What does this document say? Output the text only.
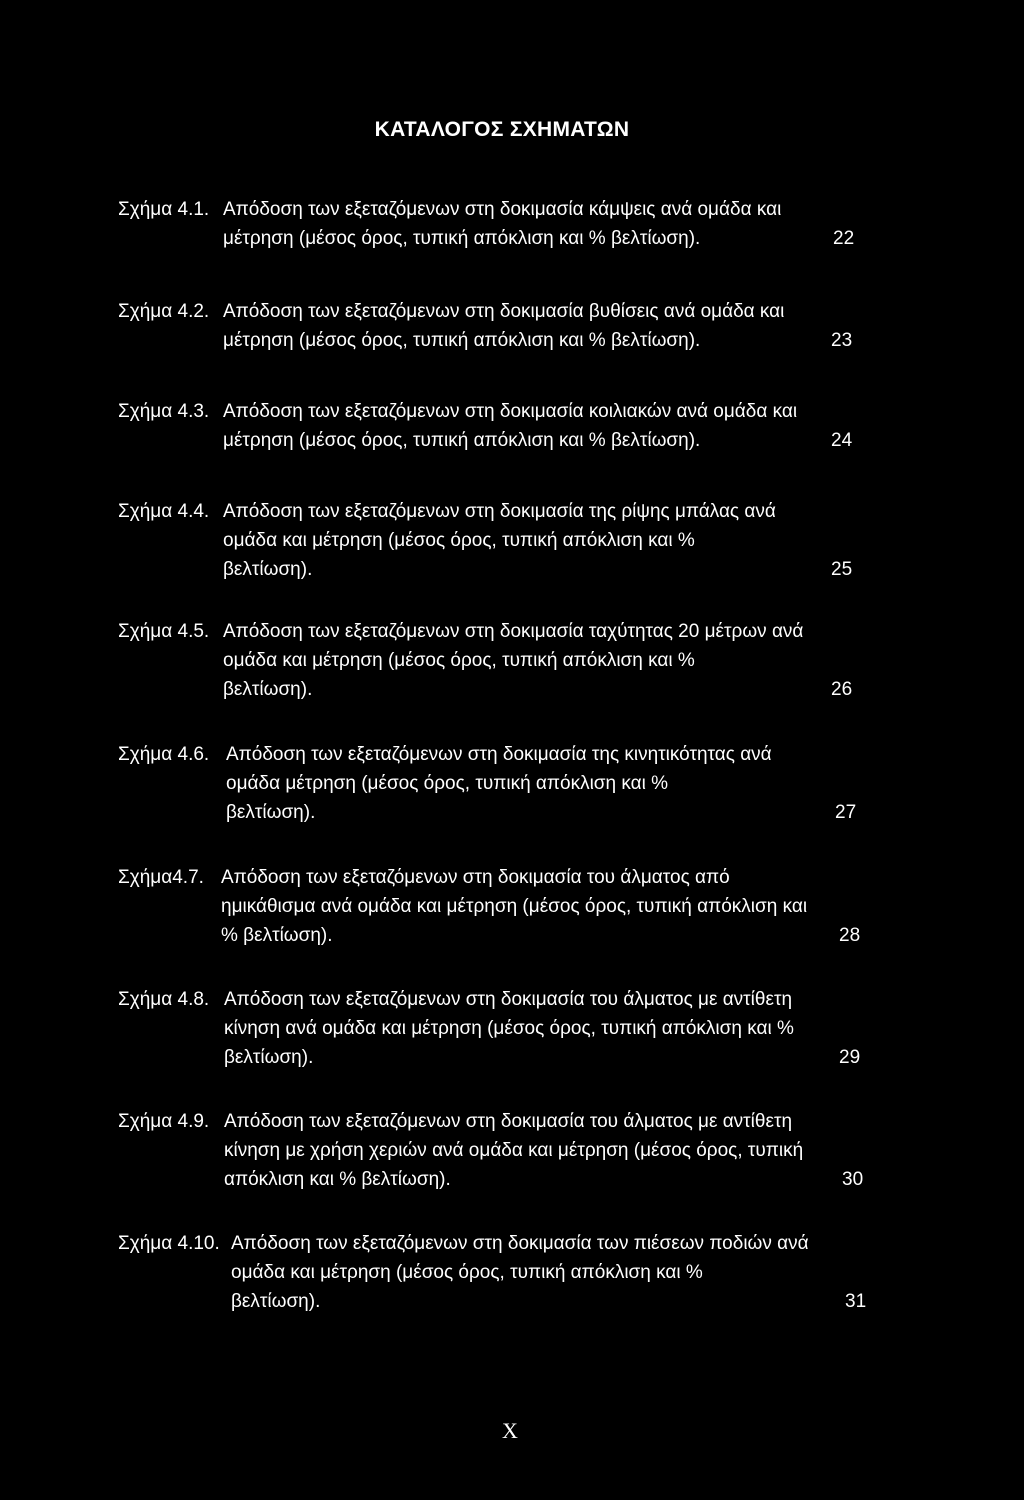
ΚΑΤΑΛΟΓΟΣ ΣΧΗΜΑΤΩΝ
Σχήμα 4.1. Απόδοση των εξεταζόμενων στη δοκιμασία κάμψεις ανά ομάδα και
μέτρηση (μέσος όρος, τυπική απόκλιση και % βελτίωση).	22
Σχήμα 4.2. Απόδοση των εξεταζόμενων στη δοκιμασία βυθίσεις ανά ομάδα και
μέτρηση (μέσος όρος, τυπική απόκλιση και % βελτίωση).	23
Σχήμα 4.3. Απόδοση των εξεταζόμενων στη δοκιμασία κοιλιακών ανά ομάδα και
μέτρηση (μέσος όρος, τυπική απόκλιση και % βελτίωση).	24
Σχήμα 4.4. Απόδοση των εξεταζόμενων στη δοκιμασία της ρίψης μπάλας ανά
ομάδα και μέτρηση (μέσος όρος, τυπική απόκλιση και %
βελτίωση).	25
Σχήμα 4.5. Απόδοση των εξεταζόμενων στη δοκιμασία ταχύτητας 20 μέτρων ανά
ομάδα και μέτρηση (μέσος όρος, τυπική απόκλιση και %
βελτίωση).	26
Σχήμα 4.6. Απόδοση των εξεταζόμενων στη δοκιμασία της κινητικότητας ανά
ομάδα μέτρηση (μέσος όρος, τυπική απόκλιση και %
βελτίωση).	27
Σχήμα4.7. Απόδοση των εξεταζόμενων στη δοκιμασία του άλματος από
ημικάθισμα ανά ομάδα και μέτρηση (μέσος όρος, τυπική απόκλιση και
% βελτίωση).	28
Σχήμα 4.8. Απόδοση των εξεταζόμενων στη δοκιμασία του άλματος με αντίθετη
κίνηση ανά ομάδα και μέτρηση (μέσος όρος, τυπική απόκλιση και %
βελτίωση).	29
Σχήμα 4.9. Απόδοση των εξεταζόμενων στη δοκιμασία του άλματος με αντίθετη
κίνηση με χρήση χεριών ανά ομάδα και μέτρηση (μέσος όρος, τυπική
απόκλιση και % βελτίωση).	30
Σχήμα 4.10. Απόδοση των εξεταζόμενων στη δοκιμασία των πιέσεων ποδιών ανά
ομάδα και μέτρηση (μέσος όρος, τυπική απόκλιση και %
βελτίωση).	31
X
